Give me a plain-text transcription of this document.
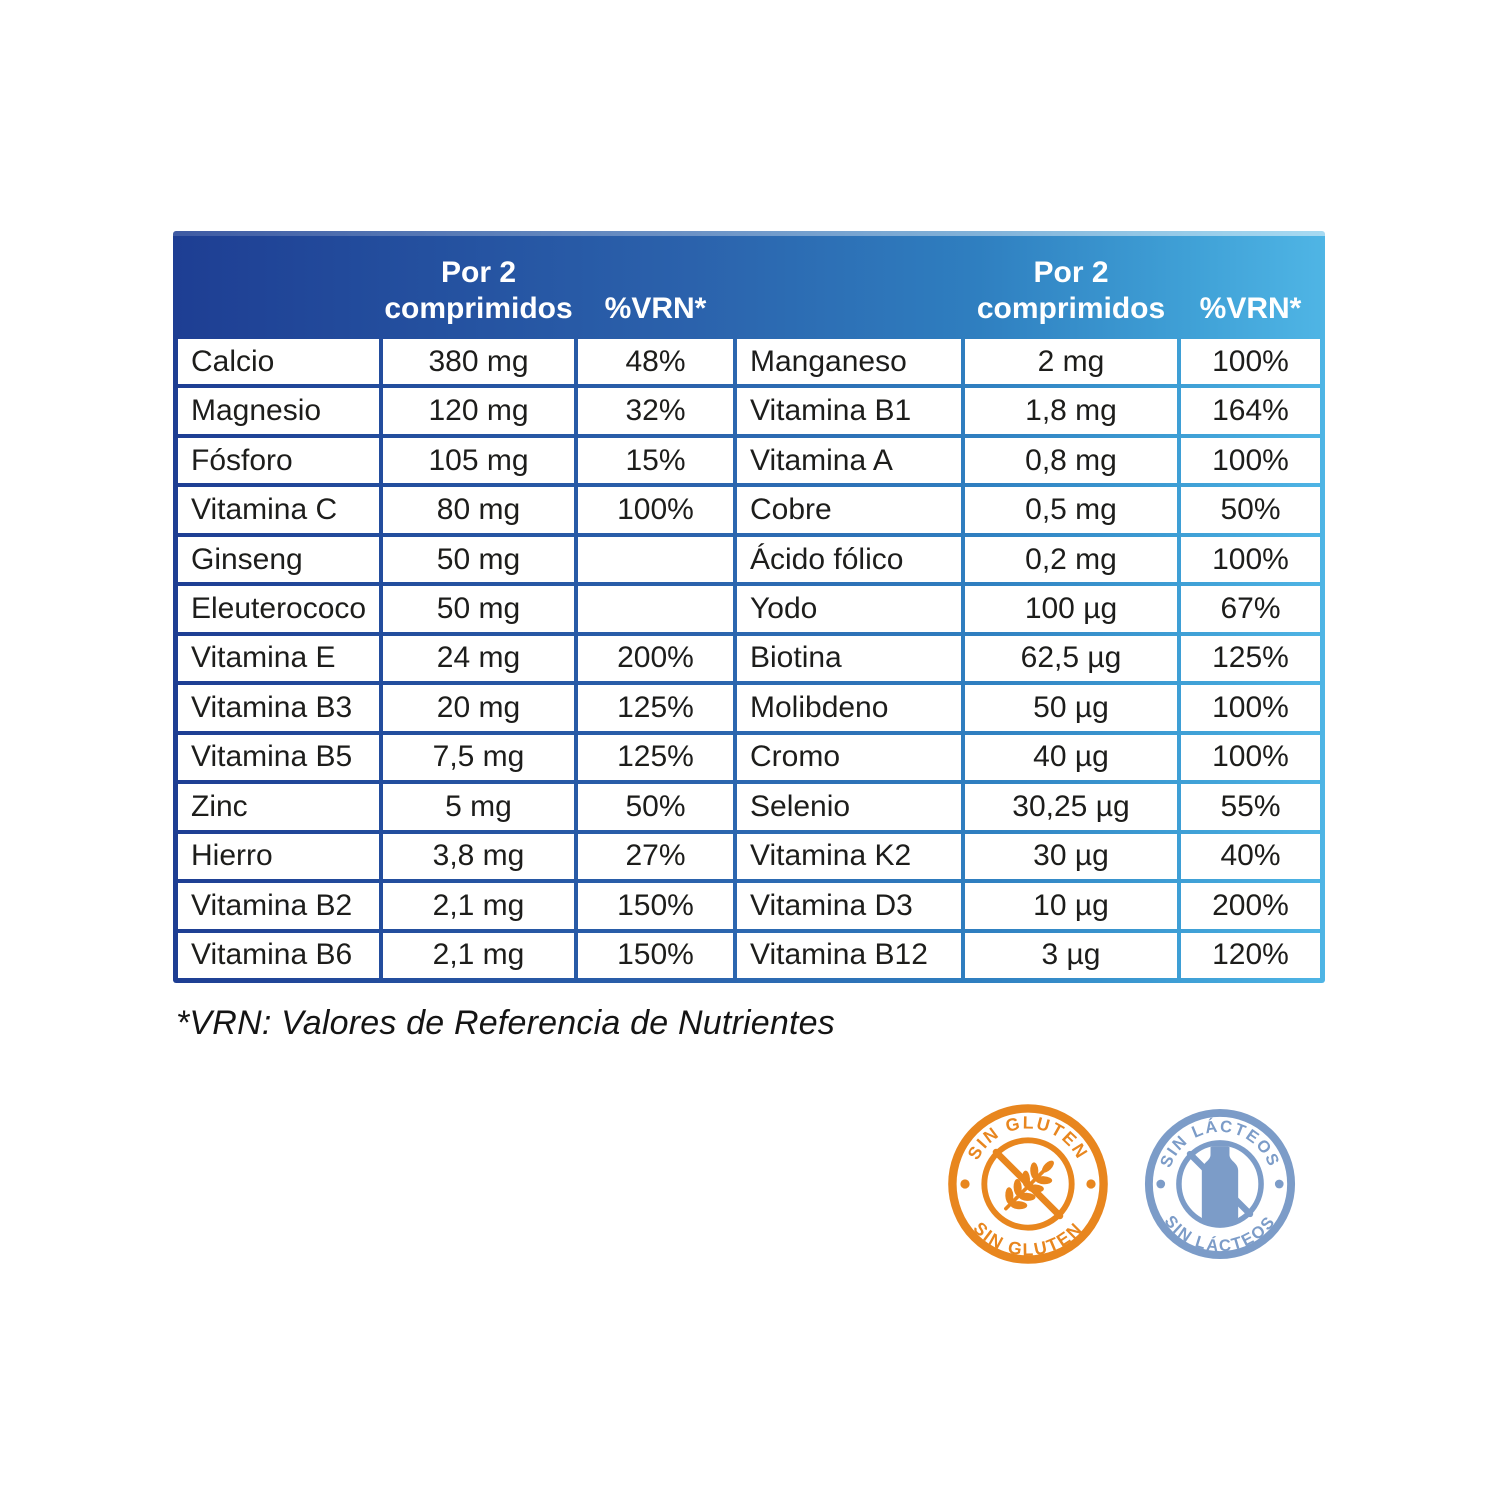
Por 2
comprimidos %VRN*
Por 2
comprimidos %VRN*
Calcio	380 mg	48%
Magnesio	120 mg	32%
Fósforo	105 mg	15%
Vitamina C	80 mg	100%
Ginseng	50 mg
Eleuterococo	50 mg
Vitamina E	24 mg	200%
Vitamina B3	20 mg	125%
Vitamina B5	7,5 mg	125%
Zinc	5 mg	50%
Hierro	3,8 mg	27%
Vitamina B2	2,1 mg	150%
Vitamina B6	2,1 mg	150%
Manganeso	2 mg	100%
Vitamina B1	1,8 mg	164%
Vitamina A	0,8 mg	100%
Cobre	0,5 mg	50%
Ácido fólico	0,2 mg	100%
Yodo	100 µg	67%
Biotina	62,5 µg	125%
Molibdeno	50 µg	100%
Cromo	40 µg	100%
Selenio	30,25 µg	55%
Vitamina K2	30 µg	40%
Vitamina D3	10 µg	200%
Vitamina B12	3 µg	120%
*VRN: Valores de Referencia de Nutrientes
SIN GLUTEN
SIN GLUTEN
SIN LÁCTEOS
SIN LÁCTEOS
